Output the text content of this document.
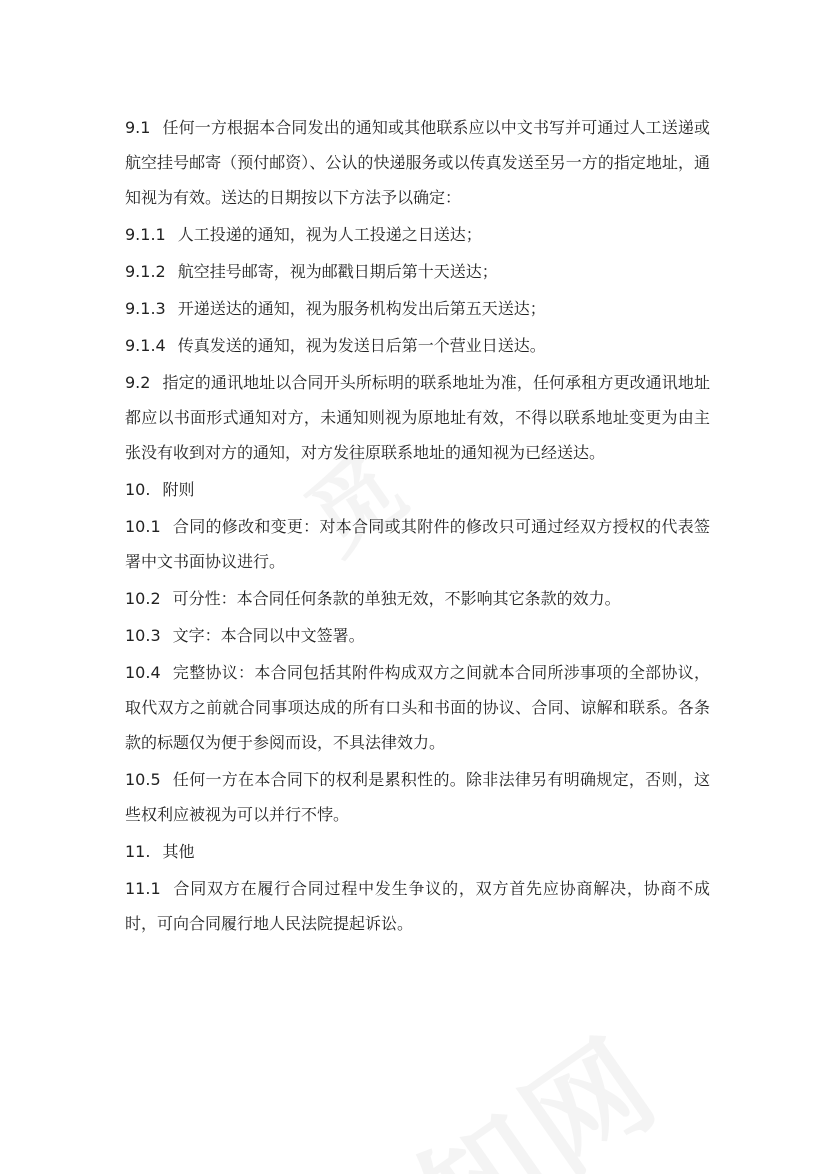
9.1 任何一方根据本合同发出的通知或其他联系应以中文书写并可通过人工送递或航空挂号邮寄（预付邮资）、公认的快递服务或以传真发送至另一方的指定地址，通知视为有效。送达的日期按以下方法予以确定：

9.1.1 人工投递的通知，视为人工投递之日送达；

9.1.2 航空挂号邮寄，视为邮戳日期后第十天送达；

9.1.3 开递送达的通知，视为服务机构发出后第五天送达；

9.1.4 传真发送的通知，视为发送日后第一个营业日送达。

9.2 指定的通讯地址以合同开头所标明的联系地址为准，任何承租方更改通讯地址都应以书面形式通知对方，未通知则视为原地址有效，不得以联系地址变更为由主张没有收到对方的通知，对方发往原联系地址的通知视为已经送达。

10. 附则

10.1 合同的修改和变更：对本合同或其附件的修改只可通过经双方授权的代表签署中文书面协议进行。

10.2 可分性：本合同任何条款的单独无效，不影响其它条款的效力。

10.3 文字：本合同以中文签署。

10.4 完整协议：本合同包括其附件构成双方之间就本合同所涉事项的全部协议，取代双方之前就合同事项达成的所有口头和书面的协议、合同、谅解和联系。各条款的标题仅为便于参阅而设，不具法律效力。

10.5 任何一方在本合同下的权利是累积性的。除非法律另有明确规定，否则，这些权利应被视为可以并行不悖。

11. 其他

11.1 合同双方在履行合同过程中发生争议的，双方首先应协商解决，协商不成时，可向合同履行地人民法院提起诉讼。
